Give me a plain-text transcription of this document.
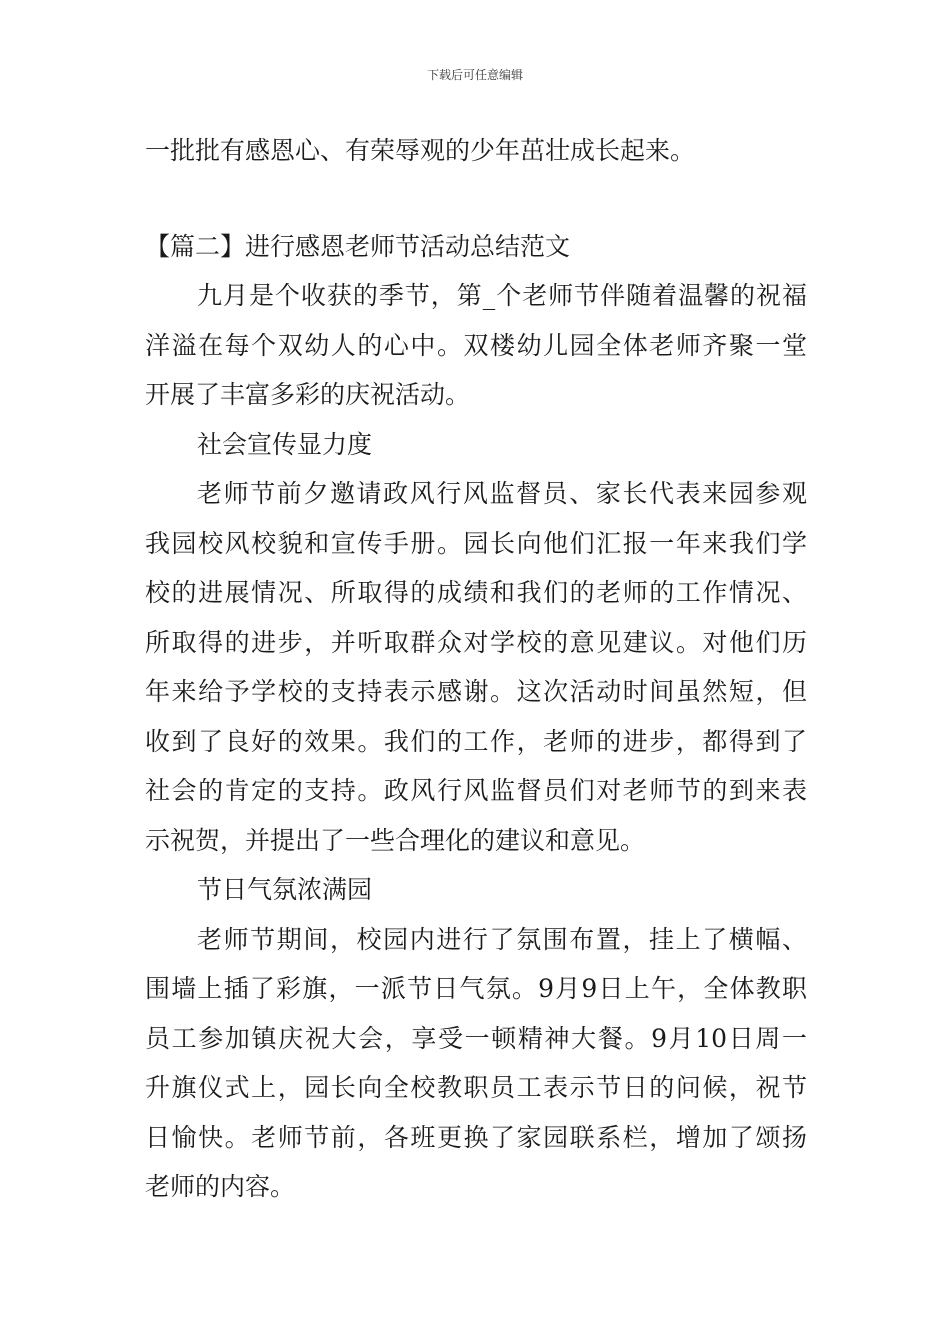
下载后可任意编辑
一批批有感恩心、有荣辱观的少年茁壮成长起来。
【篇二】进行感恩老师节活动总结范文
九月是个收获的季节，第_个老师节伴随着温馨的祝福
洋溢在每个双幼人的心中。双楼幼儿园全体老师齐聚一堂
开展了丰富多彩的庆祝活动。
社会宣传显力度
老师节前夕邀请政风行风监督员、家长代表来园参观
我园校风校貌和宣传手册。园长向他们汇报一年来我们学
校的进展情况、所取得的成绩和我们的老师的工作情况、
所取得的进步，并听取群众对学校的意见建议。对他们历
年来给予学校的支持表示感谢。这次活动时间虽然短，但
收到了良好的效果。我们的工作，老师的进步，都得到了
社会的肯定的支持。政风行风监督员们对老师节的到来表
示祝贺，并提出了一些合理化的建议和意见。
节日气氛浓满园
老师节期间，校园内进行了氛围布置，挂上了横幅、
围墙上插了彩旗，一派节日气氛。9月9日上午，全体教职
员工参加镇庆祝大会，享受一顿精神大餐。9月10日周一
升旗仪式上，园长向全校教职员工表示节日的问候，祝节
日愉快。老师节前，各班更换了家园联系栏，增加了颂扬
老师的内容。
